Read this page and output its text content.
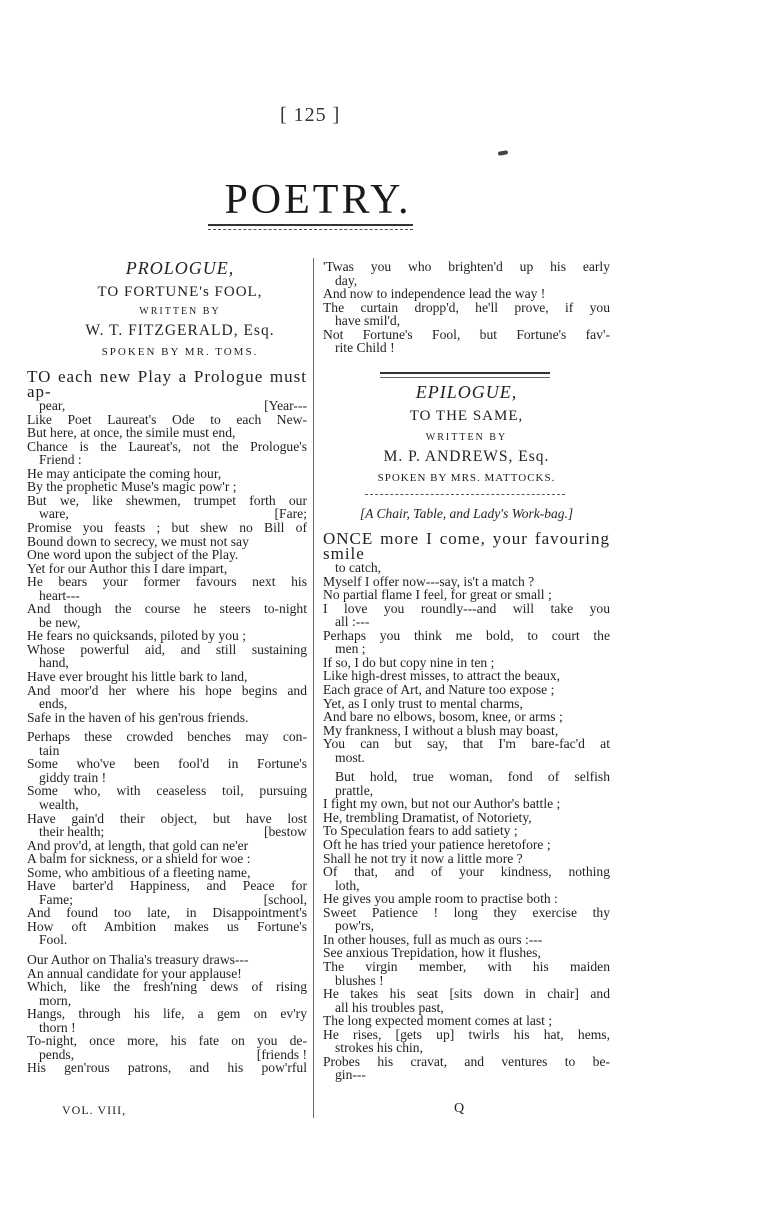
[ 125 ]
POETRY.
PROLOGUE,
TO FORTUNE's FOOL,
WRITTEN BY
W. T. FITZGERALD, Esq.
SPOKEN BY MR. TOMS.
TO each new Play a Prologue must ap-
pear,	[Year---
Like Poet Laureat's Ode to each New-
But here, at once, the simile must end,
Chance is the Laureat's, not the Prologue's
Friend :
He may anticipate the coming hour,
By the prophetic Muse's magic pow'r ;
But we, like shewmen, trumpet forth our
ware,	[Fare;
Promise you feasts ; but shew no Bill of
Bound down to secrecy, we must not say
One word upon the subject of the Play.
Yet for our Author this I dare impart,
He bears your former favours next his
heart---
And though the course he steers to-night
be new,
He fears no quicksands, piloted by you ;
Whose powerful aid, and still sustaining
hand,
Have ever brought his little bark to land,
And moor'd her where his hope begins and
ends,
Safe in the haven of his gen'rous friends.
Perhaps these crowded benches may con-
tain
Some who've been fool'd in Fortune's
giddy train !
Some who, with ceaseless toil, pursuing
wealth,
Have gain'd their object, but have lost
their health;	[bestow
And prov'd, at length, that gold can ne'er
A balm for sickness, or a shield for woe :
Some, who ambitious of a fleeting name,
Have barter'd Happiness, and Peace for
Fame;	[school,
And found too late, in Disappointment's
How oft Ambition makes us Fortune's
Fool.
Our Author on Thalia's treasury draws---
An annual candidate for your applause!
Which, like the fresh'ning dews of rising
morn,
Hangs, through his life, a gem on ev'ry
thorn !
To-night, once more, his fate on you de-
pends,	[friends !
His gen'rous patrons, and his pow'rful
VOL. VIII,
'Twas you who brighten'd up his early
day,
And now to independence lead the way !
The curtain dropp'd, he'll prove, if you
have smil'd,
Not Fortune's Fool, but Fortune's fav'-
rite Child !
EPILOGUE,
TO THE SAME,
WRITTEN BY
M. P. ANDREWS, Esq.
SPOKEN BY MRS. MATTOCKS.
[A Chair, Table, and Lady's Work-bag.]
ONCE more I come, your favouring smile
to catch,
Myself I offer now---say, is't a match ?
No partial flame I feel, for great or small ;
I love you roundly---and will take you
all :---
Perhaps you think me bold, to court the
men ;
If so, I do but copy nine in ten ;
Like high-drest misses, to attract the beaux,
Each grace of Art, and Nature too expose ;
Yet, as I only trust to mental charms,
And bare no elbows, bosom, knee, or arms ;
My frankness, I without a blush may boast,
You can but say, that I'm bare-fac'd at
most.
But hold, true woman, fond of selfish
prattle,
I fight my own, but not our Author's battle ;
He, trembling Dramatist, of Notoriety,
To Speculation fears to add satiety ;
Oft he has tried your patience heretofore ;
Shall he not try it now a little more ?
Of that, and of your kindness, nothing
loth,
He gives you ample room to practise both :
Sweet Patience ! long they exercise thy
pow'rs,
In other houses, full as much as ours :---
See anxious Trepidation, how it flushes,
The virgin member, with his maiden
blushes !
He takes his seat [sits down in chair] and
all his troubles past,
The long expected moment comes at last ;
He rises, [gets up] twirls his hat, hems,
strokes his chin,
Probes his cravat, and ventures to be-
gin---
Q
